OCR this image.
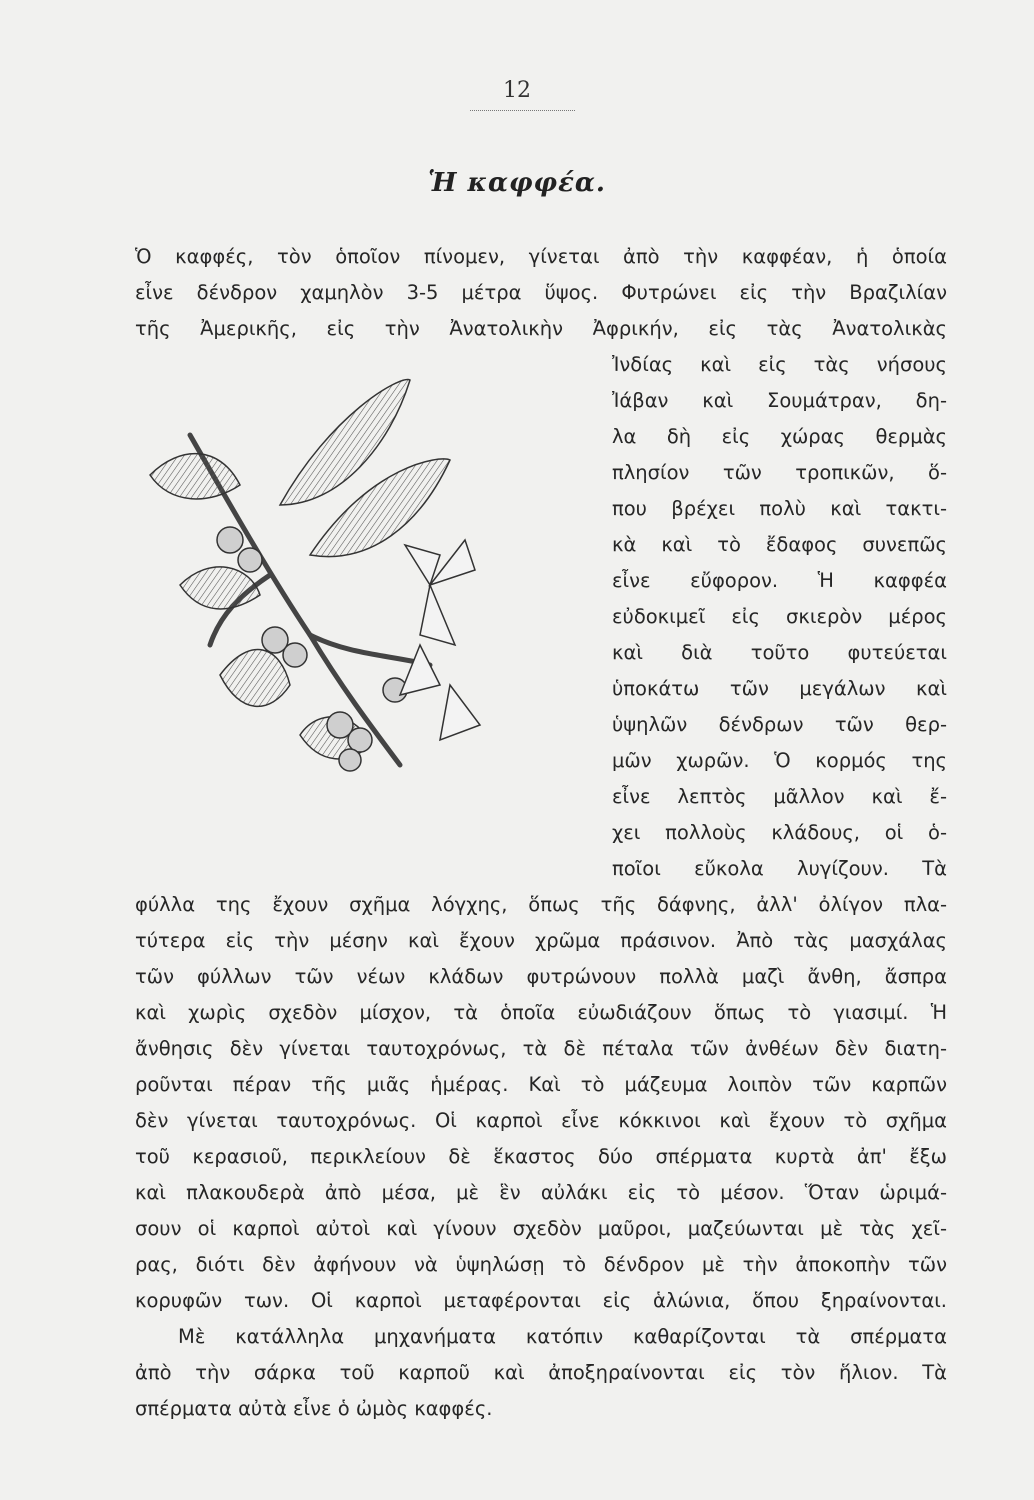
12
Ἡ καφφέα.
Ὁ καφφές, τὸν ὁποῖον πίνομεν, γίνεται ἀπὸ τὴν καφφέαν, ἡ ὁποία
εἶνε δένδρον χαμηλὸν 3-5 μέτρα ὕψος. Φυτρώνει εἰς τὴν Βραζιλίαν
τῆς Ἀμερικῆς, εἰς τὴν Ἀνατολικὴν Ἀφρικήν, εἰς τὰς Ἀνατολικὰς
Ἰνδίας καὶ εἰς τὰς νήσους
Ἰάβαν καὶ Σουμάτραν, δη-
λα δὴ εἰς χώρας θερμὰς
πλησίον τῶν τροπικῶν, ὅ-
που βρέχει πολὺ καὶ τακτι-
κὰ καὶ τὸ ἔδαφος συνεπῶς
εἶνε εὔφορον. Ἡ καφφέα
εὐδοκιμεῖ εἰς σκιερὸν μέρος
καὶ διὰ τοῦτο φυτεύεται
ὑποκάτω τῶν μεγάλων καὶ
ὑψηλῶν δένδρων τῶν θερ-
μῶν χωρῶν. Ὁ κορμός της
εἶνε λεπτὸς μᾶλλον καὶ ἔ-
χει πολλοὺς κλάδους, οἱ ὁ-
ποῖοι εὔκολα λυγίζουν. Τὰ
φύλλα της ἔχουν σχῆμα λόγχης, ὅπως τῆς δάφνης, ἀλλ' ὀλίγον πλα-
τύτερα εἰς τὴν μέσην καὶ ἔχουν χρῶμα πράσινον. Ἀπὸ τὰς μασχάλας
τῶν φύλλων τῶν νέων κλάδων φυτρώνουν πολλὰ μαζὶ ἄνθη, ἄσπρα
καὶ χωρὶς σχεδὸν μίσχον, τὰ ὁποῖα εὐωδιάζουν ὅπως τὸ γιασιμί. Ἡ
ἄνθησις δὲν γίνεται ταυτοχρόνως, τὰ δὲ πέταλα τῶν ἀνθέων δὲν διατη-
ροῦνται πέραν τῆς μιᾶς ἡμέρας. Καὶ τὸ μάζευμα λοιπὸν τῶν καρπῶν
δὲν γίνεται ταυτοχρόνως. Οἱ καρποὶ εἶνε κόκκινοι καὶ ἔχουν τὸ σχῆμα
τοῦ κερασιοῦ, περικλείουν δὲ ἕκαστος δύο σπέρματα κυρτὰ ἀπ' ἔξω
καὶ πλακουδερὰ ἀπὸ μέσα, μὲ ἓν αὐλάκι εἰς τὸ μέσον. Ὅταν ὡριμά-
σουν οἱ καρποὶ αὐτοὶ καὶ γίνουν σχεδὸν μαῦροι, μαζεύωνται μὲ τὰς χεῖ-
ρας, διότι δὲν ἀφήνουν νὰ ὑψηλώσῃ τὸ δένδρον μὲ τὴν ἀποκοπὴν τῶν
κορυφῶν των. Οἱ καρποὶ μεταφέρονται εἰς ἁλώνια, ὅπου ξηραίνονται.
Μὲ κατάλληλα μηχανήματα κατόπιν καθαρίζονται τὰ σπέρματα
ἀπὸ τὴν σάρκα τοῦ καρποῦ καὶ ἀποξηραίνονται εἰς τὸν ἥλιον. Τὰ
σπέρματα αὐτὰ εἶνε ὁ ὠμὸς καφφές.
